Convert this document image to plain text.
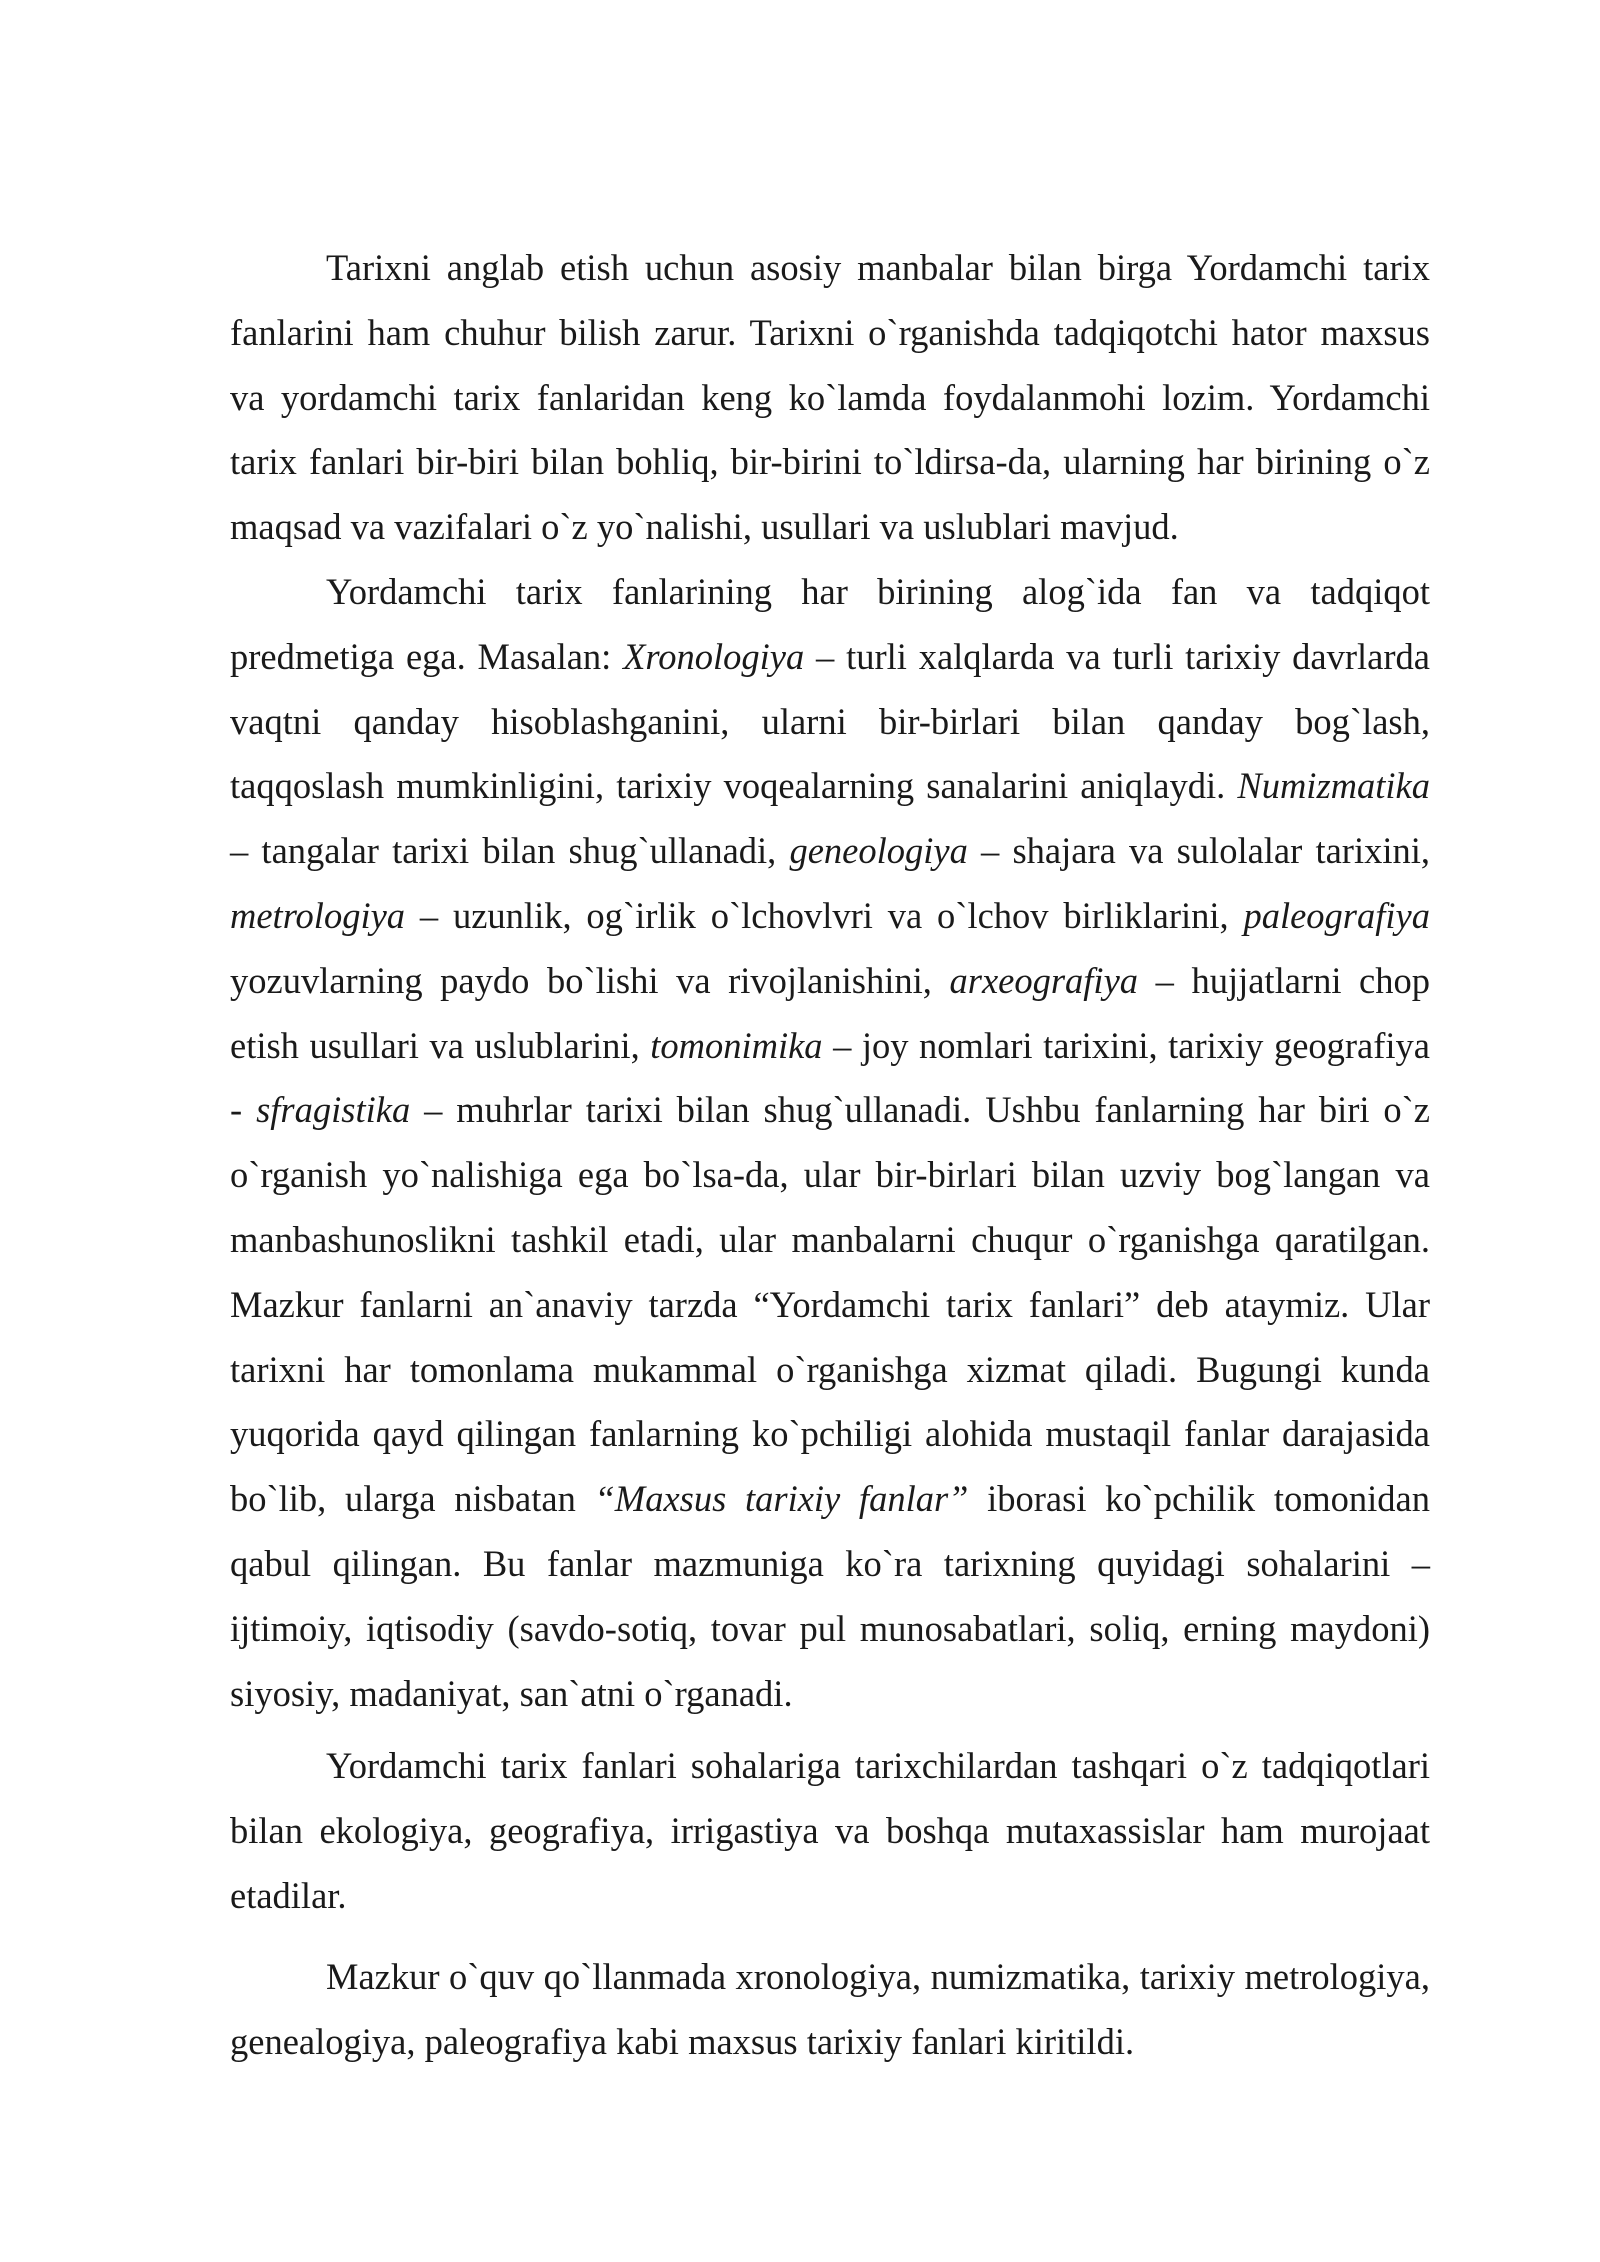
Tarixni anglab etish uchun asosiy manbalar bilan birga Yordamchi tarix fanlarini ham chuhur bilish zarur. Tarixni o`rganishda tadqiqotchi hator maxsus va yordamchi tarix fanlaridan keng ko`lamda foydalanmohi lozim. Yordamchi tarix fanlari bir-biri bilan bohliq, bir-birini to`ldirsa-da, ularning har birining o`z maqsad va vazifalari o`z yo`nalishi, usullari va uslublari mavjud.

Yordamchi tarix fanlarining har birining alog`ida fan va tadqiqot predmetiga ega. Masalan: Xronologiya – turli xalqlarda va turli tarixiy davrlarda vaqtni qanday hisoblashganini, ularni bir-birlari bilan qanday bog`lash, taqqoslash mumkinligini, tarixiy voqealarning sanalarini aniqlaydi. Numizmatika – tangalar tarixi bilan shug`ullanadi, geneologiya – shajara va sulolalar tarixini, metrologiya – uzunlik, og`irlik o`lchovlvri va o`lchov birliklarini, paleografiya yozuvlarning paydo bo`lishi va rivojlanishini, arxeografiya – hujjatlarni chop etish usullari va uslublarini, tomonimika – joy nomlari tarixini, tarixiy geografiya - sfragistika – muhrlar tarixi bilan shug`ullanadi. Ushbu fanlarning har biri o`z o`rganish yo`nalishiga ega bo`lsa-da, ular bir-birlari bilan uzviy bog`langan va manbashunoslikni tashkil etadi, ular manbalarni chuqur o`rganishga qaratilgan. Mazkur fanlarni an`anaviy tarzda “Yordamchi tarix fanlari” deb ataymiz. Ular tarixni har tomonlama mukammal o`rganishga xizmat qiladi. Bugungi kunda yuqorida qayd qilingan fanlarning ko`pchiligi alohida mustaqil fanlar darajasida bo`lib, ularga nisbatan “Maxsus tarixiy fanlar” iborasi ko`pchilik tomonidan qabul qilingan. Bu fanlar mazmuniga ko`ra tarixning quyidagi sohalarini – ijtimoiy, iqtisodiy (savdo-sotiq, tovar pul munosabatlari, soliq, erning maydoni) siyosiy, madaniyat, san`atni o`rganadi.

Yordamchi tarix fanlari sohalariga tarixchilardan tashqari o`z tadqiqotlari bilan ekologiya, geografiya, irrigastiya va boshqa mutaxassislar ham murojaat etadilar.

Mazkur o`quv qo`llanmada xronologiya, numizmatika, tarixiy metrologiya, genealogiya, paleografiya kabi maxsus tarixiy fanlari kiritildi.
